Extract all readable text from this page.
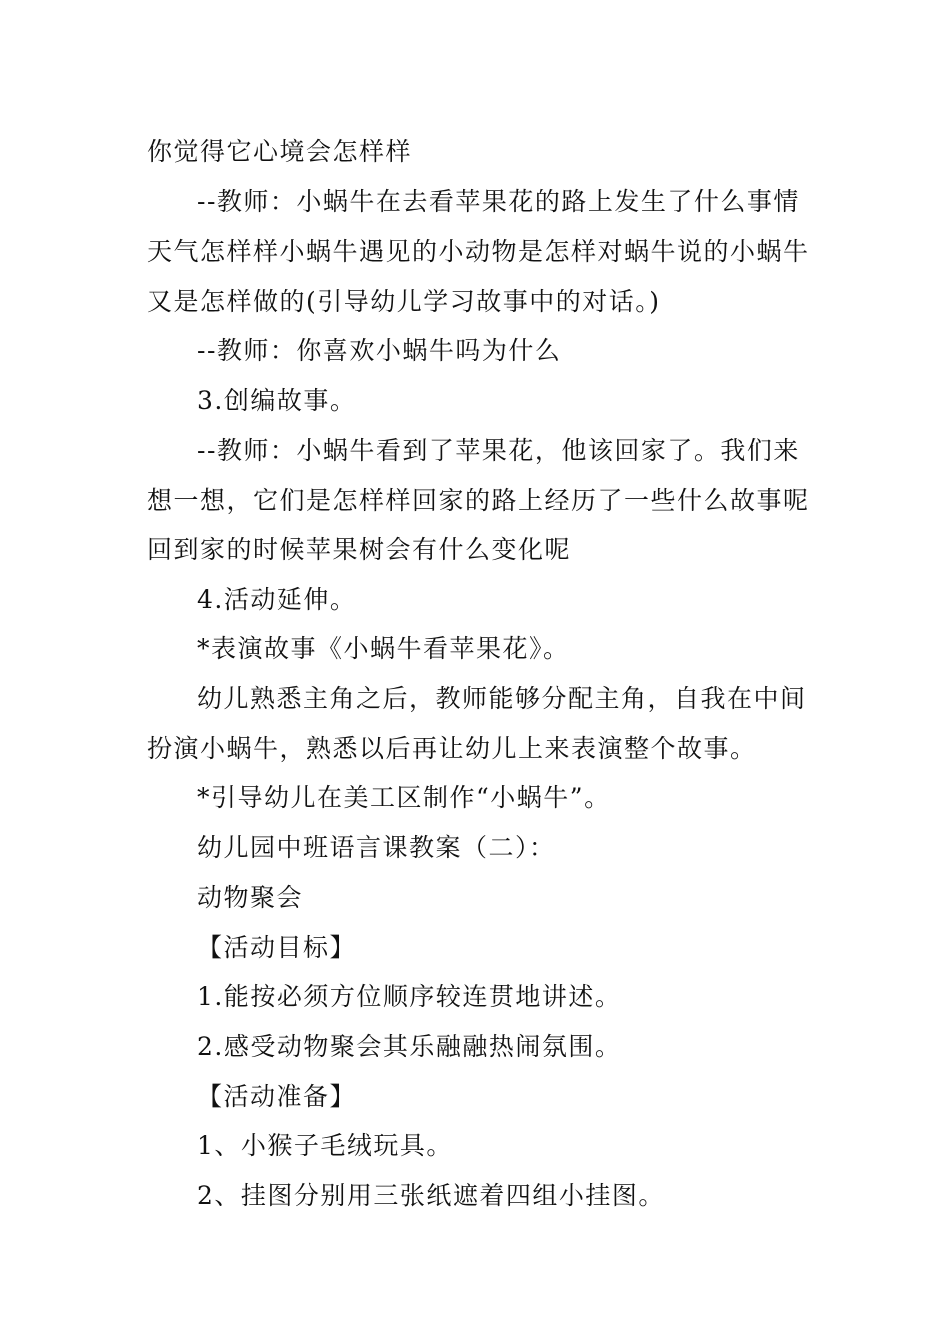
你觉得它心境会怎样样
--教师：小蜗牛在去看苹果花的路上发生了什么事情
天气怎样样小蜗牛遇见的小动物是怎样对蜗牛说的小蜗牛
又是怎样做的(引导幼儿学习故事中的对话。)
--教师：你喜欢小蜗牛吗为什么
3.创编故事。
--教师：小蜗牛看到了苹果花，他该回家了。我们来
想一想，它们是怎样样回家的路上经历了一些什么故事呢
回到家的时候苹果树会有什么变化呢
4.活动延伸。
*表演故事《小蜗牛看苹果花》。
幼儿熟悉主角之后，教师能够分配主角，自我在中间
扮演小蜗牛，熟悉以后再让幼儿上来表演整个故事。
*引导幼儿在美工区制作“小蜗牛”。
幼儿园中班语言课教案（二）：
动物聚会
【活动目标】
1.能按必须方位顺序较连贯地讲述。
2.感受动物聚会其乐融融热闹氛围。
【活动准备】
1、小猴子毛绒玩具。
2、挂图分别用三张纸遮着四组小挂图。
